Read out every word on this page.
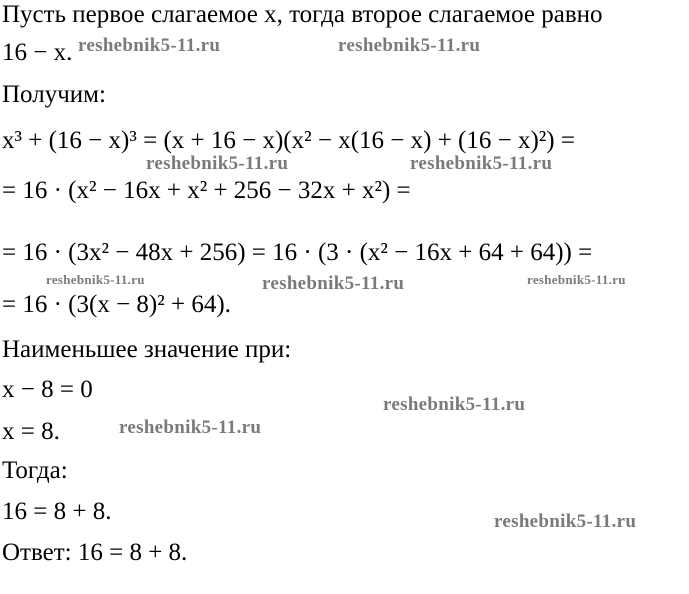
Пусть первое слагаемое x, тогда второе слагаемое равно
16 − x.
Получим:
x³ + (16 − x)³ = (x + 16 − x)(x² − x(16 − x) + (16 − x)²) =
= 16 · (x² − 16x + x² + 256 − 32x + x²) =
= 16 · (3x² − 48x + 256) = 16 · (3 · (x² − 16x + 64 + 64)) =
= 16 · (3(x − 8)² + 64).
Наименьшее значение при:
x − 8 = 0
x = 8.
Тогда:
16 = 8 + 8.
Ответ: 16 = 8 + 8.
reshebnik5-11.ru	reshebnik5-11.ru
reshebnik5-11.ru	reshebnik5-11.ru
reshebnik5-11.ru	reshebnik5-11.ru	reshebnik5-11.ru
reshebnik5-11.ru
reshebnik5-11.ru
reshebnik5-11.ru
